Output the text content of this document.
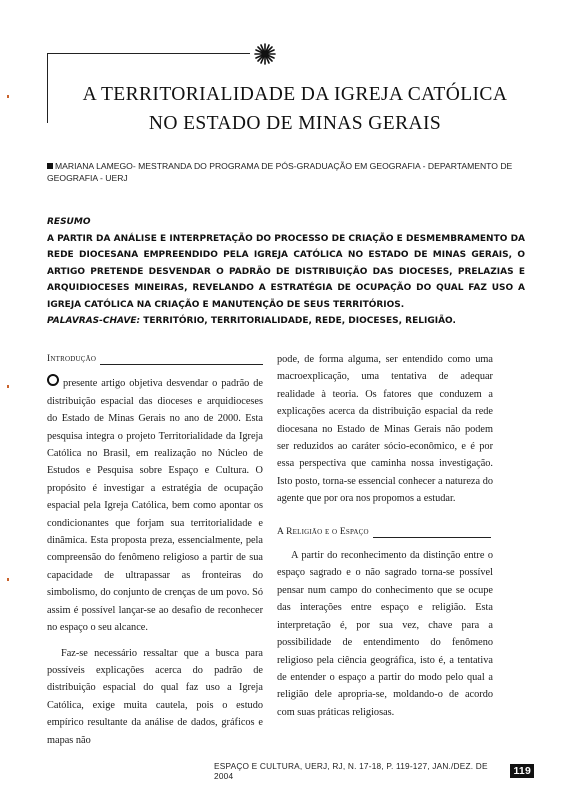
A TERRITORIALIDADE DA IGREJA CATÓLICA
NO ESTADO DE MINAS GERAIS
MARIANA LAMEGO- MESTRANDA DO PROGRAMA DE PÓS-GRADUAÇÃO EM GEOGRAFIA - DEPARTAMENTO DE GEOGRAFIA - UERJ

RESUMO

A PARTIR DA ANÁLISE E INTERPRETAÇÃO DO PROCESSO DE CRIAÇÃO E DESMEMBRAMENTO DA REDE DIOCESANA EMPREENDIDO PELA IGREJA CATÓLICA NO ESTADO DE MINAS GERAIS, O ARTIGO PRETENDE DESVENDAR O PADRÃO DE DISTRIBUIÇÃO DAS DIOCESES, PRELAZIAS E ARQUIDIOCESES MINEIRAS, REVELANDO A ESTRATÉGIA DE OCUPAÇÃO DO QUAL FAZ USO A IGREJA CATÓLICA NA CRIAÇÃO E MANUTENÇÃO DE SEUS TERRITÓRIOS.

PALAVRAS-CHAVE: TERRITÓRIO, TERRITORIALIDADE, REDE, DIOCESES, RELIGIÃO.

Introdução

presente artigo objetiva desvendar o padrão de distribuição espacial das dioceses e arquidioceses do Estado de Minas Gerais no ano de 2000. Esta pesquisa integra o projeto Territorialidade da Igreja Católica no Brasil, em realização no Núcleo de Estudos e Pesquisa sobre Espaço e Cultura. O propósito é investigar a estratégia de ocupação espacial pela Igreja Católica, bem como apontar os condicionantes que forjam sua territorialidade e dinâmica. Esta proposta preza, essencialmente, pela compreensão do fenômeno religioso a partir de sua capacidade de ultrapassar as fronteiras do simbolismo, do conjunto de crenças de um povo. Só assim é possível lançar-se ao desafio de reconhecer no espaço o seu alcance.

Faz-se necessário ressaltar que a busca para possíveis explicações acerca do padrão de distribuição espacial do qual faz uso a Igreja Católica, exige muita cautela, pois o estudo empírico resultante da análise de dados, gráficos e mapas não

pode, de forma alguma, ser entendido como uma macroexplicação, uma tentativa de adequar realidade à teoria. Os fatores que conduzem a explicações acerca da distribuição espacial da rede diocesana no Estado de Minas Gerais não podem ser reduzidos ao caráter sócio-econômico, e é por essa perspectiva que caminha nossa investigação. Isto posto, torna-se essencial conhecer a natureza do agente que por ora nos propomos a estudar.

A Religião e o Espaço

A partir do reconhecimento da distinção entre o espaço sagrado e o não sagrado torna-se possível pensar num campo do conhecimento que se ocupe das interações entre espaço e religião. Esta interpretação é, por sua vez, chave para a possibilidade de entendimento do fenômeno religioso pela ciência geográfica, isto é, a tentativa de entender o espaço a partir do modo pelo qual a religião dele apropria-se, moldando-o de acordo com suas práticas religiosas.

ESPAÇO E CULTURA, UERJ, RJ, N. 17-18, P. 119-127, JAN./DEZ. DE 2004	119
